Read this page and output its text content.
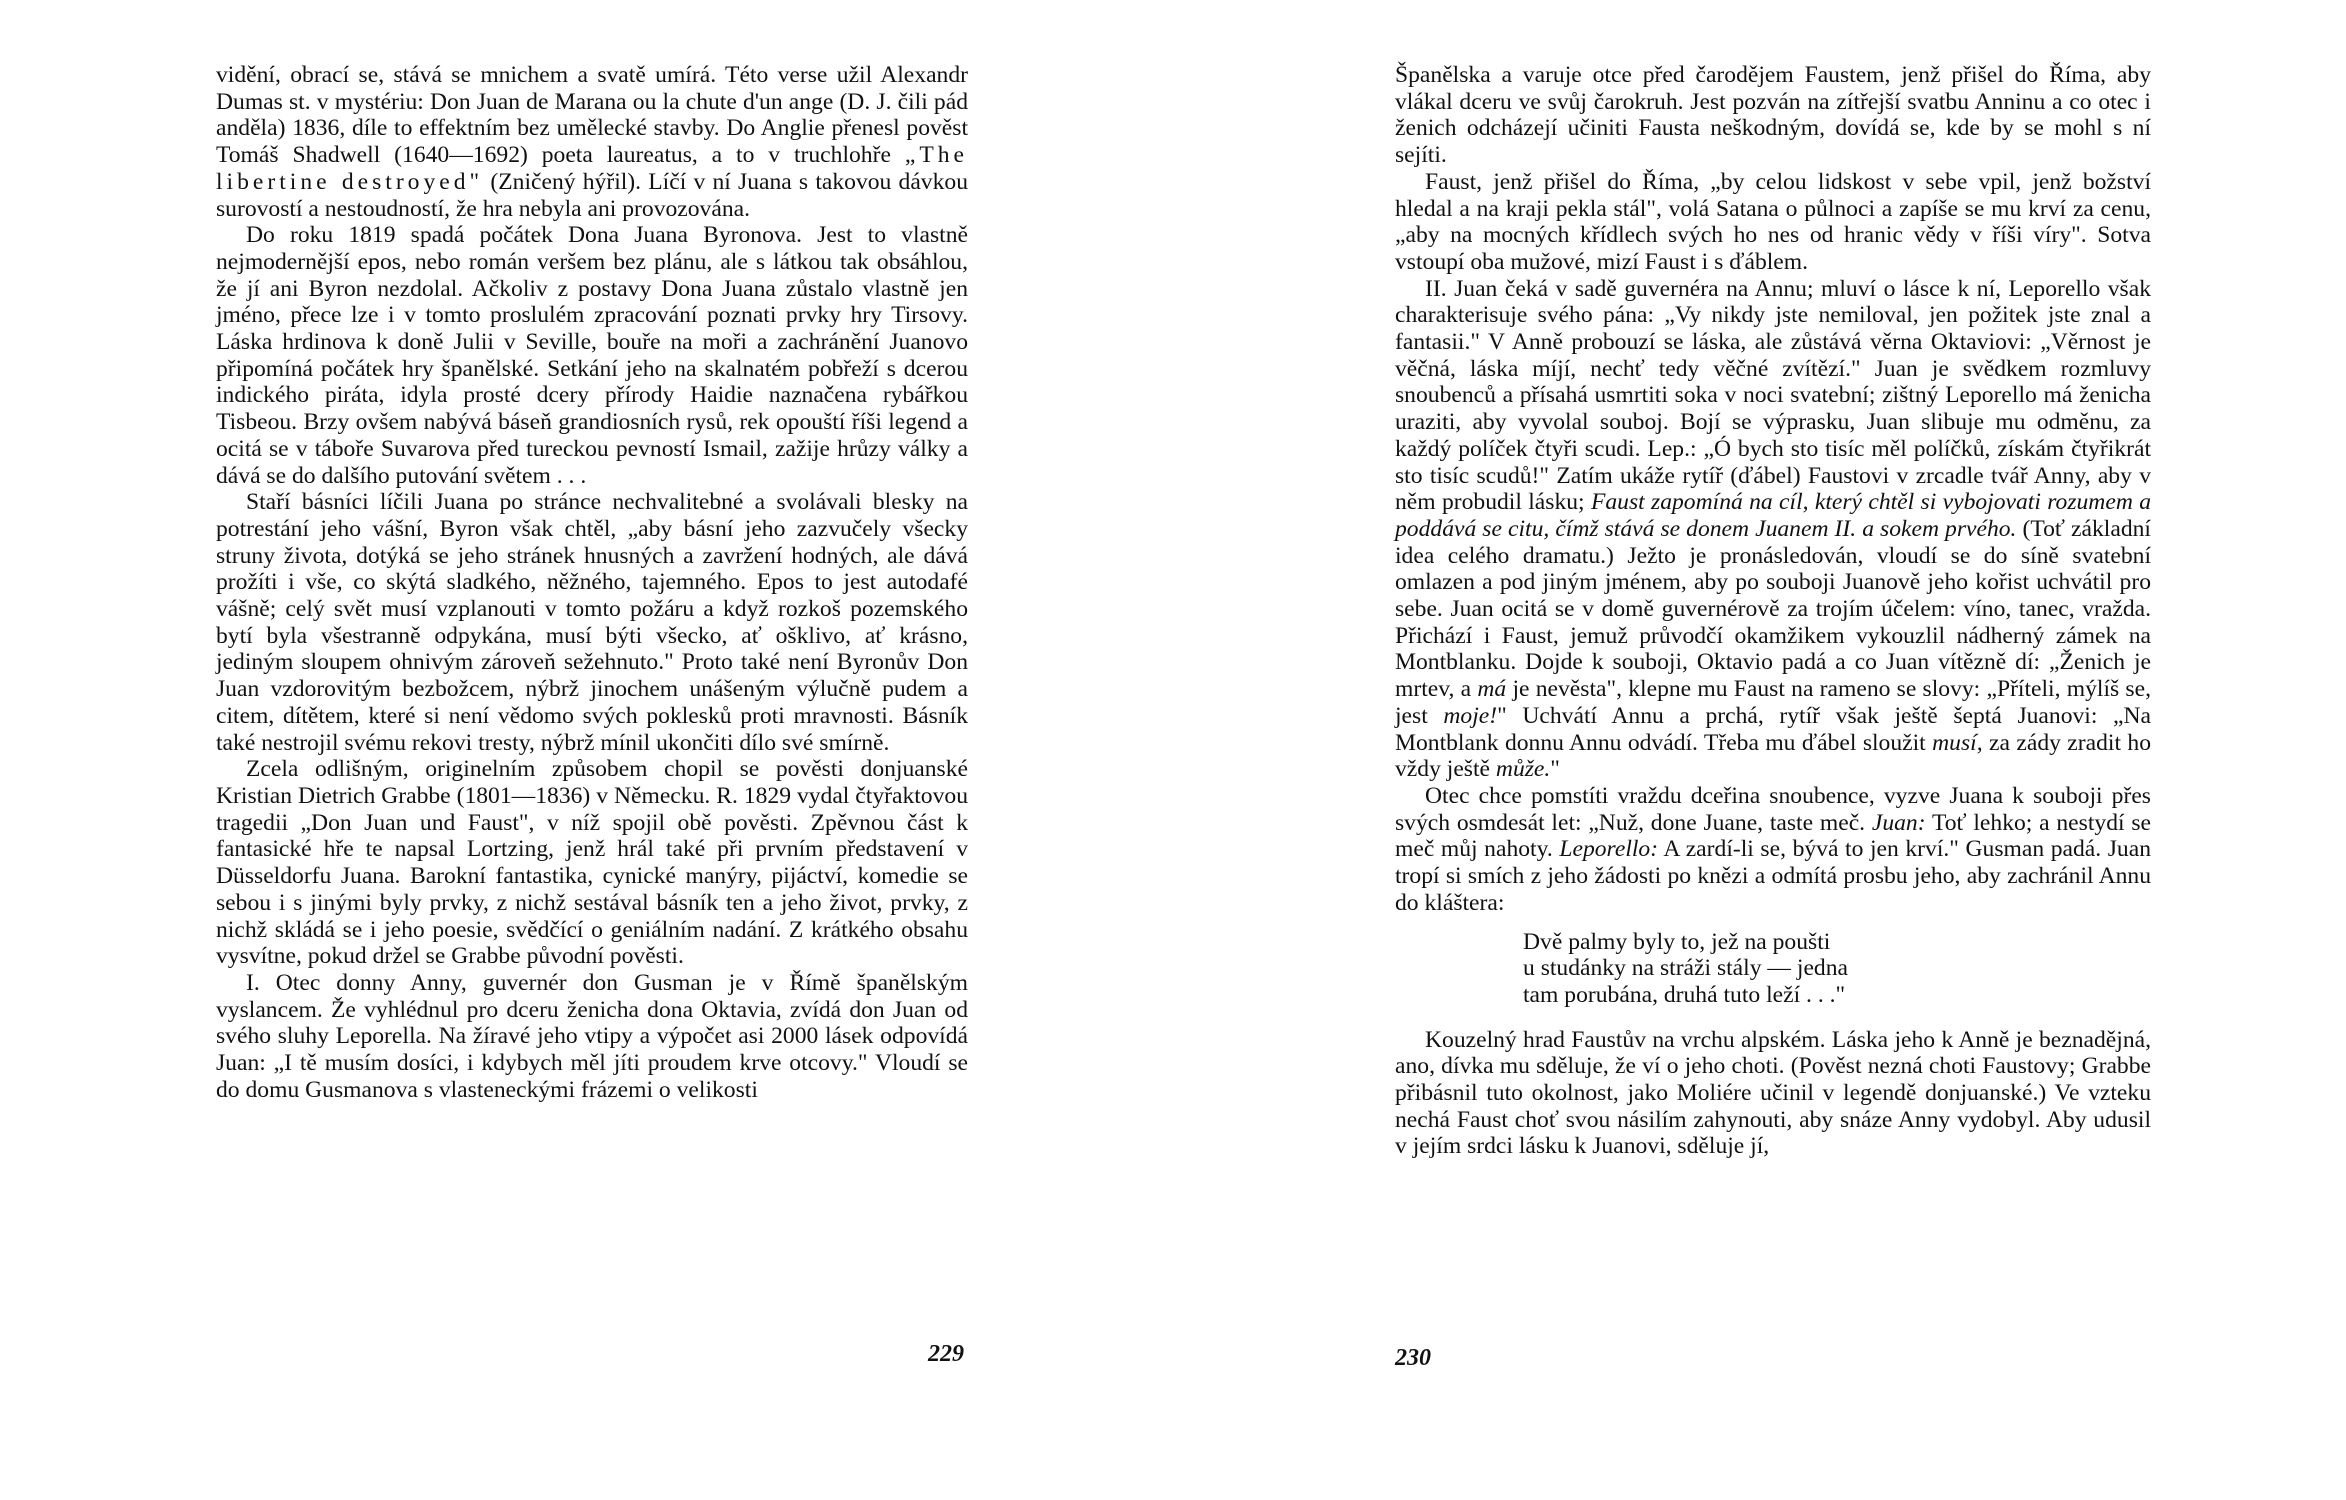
vidění, obrací se, stává se mnichem a svatě umírá. Této verse užil Alexandr Dumas st. v mystériu: Don Juan de Marana ou la chute d'un ange (D. J. čili pád anděla) 1836, díle to effektním bez umělecké stavby. Do Anglie přenesl pověst Tomáš Shadwell (1640—1692) poeta laureatus, a to v truchlohře „The libertine destroyed" (Zničený hýřil). Líčí v ní Juana s takovou dávkou surovostí a nestoudností, že hra nebyla ani provozována.

Do roku 1819 spadá počátek Dona Juana Byronova. Jest to vlastně nejmodernější epos, nebo román veršem bez plánu, ale s látkou tak obsáhlou, že jí ani Byron nezdolal. Ačkoliv z postavy Dona Juana zůstalo vlastně jen jméno, přece lze i v tomto proslulém zpracování poznati prvky hry Tirsovy. Láska hrdinova k doně Julii v Seville, bouře na moři a zachránění Juanovo připomíná počátek hry španělské. Setkání jeho na skalnatém pobřeží s dcerou indického piráta, idyla prosté dcery přírody Haidie naznačena rybářkou Tisbeou. Brzy ovšem nabývá báseň grandiosních rysů, rek opouští říši legend a ocitá se v táboře Suvarova před tureckou pevností Ismail, zažije hrůzy války a dává se do dalšího putování světem . . .

Staří básníci líčili Juana po stránce nechvalitebné a svolávali blesky na potrestání jeho vášní, Byron však chtěl, „aby básní jeho zazvučely všecky struny života, dotýká se jeho stránek hnusných a zavržení hodných, ale dává prožíti i vše, co skýtá sladkého, něžného, tajemného. Epos to jest autodafé vášně; celý svět musí vzplanouti v tomto požáru a když rozkoš pozemského bytí byla všestranně odpykána, musí býti všecko, ať ošklivo, ať krásno, jediným sloupem ohnivým zároveň sežehnuto." Proto také není Byronův Don Juan vzdorovitým bezbožcem, nýbrž jinochem unášeným výlučně pudem a citem, dítětem, které si není vědomo svých poklesků proti mravnosti. Básník také nestrojil svému rekovi tresty, nýbrž mínil ukončiti dílo své smírně.

Zcela odlišným, originelním způsobem chopil se pověsti donjuanské Kristian Dietrich Grabbe (1801—1836) v Německu. R. 1829 vydal čtyřaktovou tragedii „Don Juan und Faust", v níž spojil obě pověsti. Zpěvnou část k fantasické hře te napsal Lortzing, jenž hrál také při prvním představení v Düsseldorfu Juana. Barokní fantastika, cynické manýry, pijáctví, komedie se sebou i s jinými byly prvky, z nichž sestával básník ten a jeho život, prvky, z nichž skládá se i jeho poesie, svědčící o geniálním nadání. Z krátkého obsahu vysvítne, pokud držel se Grabbe původní pověsti.

I. Otec donny Anny, guvernér don Gusman je v Římě španělským vyslancem. Že vyhlédnul pro dceru ženicha dona Oktavia, zvídá don Juan od svého sluhy Leporella. Na žíravé jeho vtipy a výpočet asi 2000 lásek odpovídá Juan: „I tě musím dosíci, i kdybych měl jíti proudem krve otcovy." Vloudí se do domu Gusmanova s vlasteneckými frázemi o velikosti

229

Španělska a varuje otce před čarodějem Faustem, jenž přišel do Říma, aby vlákal dceru ve svůj čarokruh. Jest pozván na zítřejší svatbu Anninu a co otec i ženich odcházejí učiniti Fausta neškodným, dovídá se, kde by se mohl s ní sejíti.

Faust, jenž přišel do Říma, „by celou lidskost v sebe vpil, jenž božství hledal a na kraji pekla stál", volá Satana o půlnoci a zapíše se mu krví za cenu, „aby na mocných křídlech svých ho nes od hranic vědy v říši víry". Sotva vstoupí oba mužové, mizí Faust i s ďáblem.

II. Juan čeká v sadě guvernéra na Annu; mluví o lásce k ní, Leporello však charakterisuje svého pána: „Vy nikdy jste nemiloval, jen požitek jste znal a fantasii." V Anně probouzí se láska, ale zůstává věrna Oktaviovi: „Věrnost je věčná, láska míjí, nechť tedy věčné zvítězí." Juan je svědkem rozmluvy snoubenců a přísahá usmrtiti soka v noci svatební; zištný Leporello má ženicha uraziti, aby vyvolal souboj. Bojí se výprasku, Juan slibuje mu odměnu, za každý políček čtyři scudi. Lep.: „Ó bych sto tisíc měl políčků, získám čtyřikrát sto tisíc scudů!" Zatím ukáže rytíř (ďábel) Faustovi v zrcadle tvář Anny, aby v něm probudil lásku; Faust zapomíná na cíl, který chtěl si vybojovati rozumem a poddává se citu, čímž stává se donem Juanem II. a sokem prvého. (Toť základní idea celého dramatu.) Ježto je pronásledován, vloudí se do síně svatební omlazen a pod jiným jménem, aby po souboji Juanově jeho kořist uchvátil pro sebe. Juan ocitá se v domě guvernérově za trojím účelem: víno, tanec, vražda. Přichází i Faust, jemuž průvodčí okamžikem vykouzlil nádherný zámek na Montblanku. Dojde k souboji, Oktavio padá a co Juan vítězně dí: „Ženich je mrtev, a má je nevěsta", klepne mu Faust na rameno se slovy: „Příteli, mýlíš se, jest moje!" Uchvátí Annu a prchá, rytíř však ještě šeptá Juanovi: „Na Montblank donnu Annu odvádí. Třeba mu ďábel sloužit musí, za zády zradit ho vždy ještě může."

Otec chce pomstíti vraždu dceřina snoubence, vyzve Juana k souboji přes svých osmdesát let: „Nuž, done Juane, taste meč. Juan: Toť lehko; a nestydí se meč můj nahoty. Leporello: A zardí-li se, bývá to jen krví." Gusman padá. Juan tropí si smích z jeho žádosti po knězi a odmítá prosbu jeho, aby zachránil Annu do kláštera:

Dvě palmy byly to, jež na poušti
u studánky na stráži stály — jedna
tam porubána, druhá tuto leží . . ."

Kouzelný hrad Faustův na vrchu alpském. Láska jeho k Anně je beznadějná, ano, dívka mu sděluje, že ví o jeho choti. (Pověst nezná choti Faustovy; Grabbe přibásnil tuto okolnost, jako Moliére učinil v legendě donjuanské.) Ve vzteku nechá Faust choť svou násilím zahynouti, aby snáze Anny vydobyl. Aby udusil v jejím srdci lásku k Juanovi, sděluje jí,

230
